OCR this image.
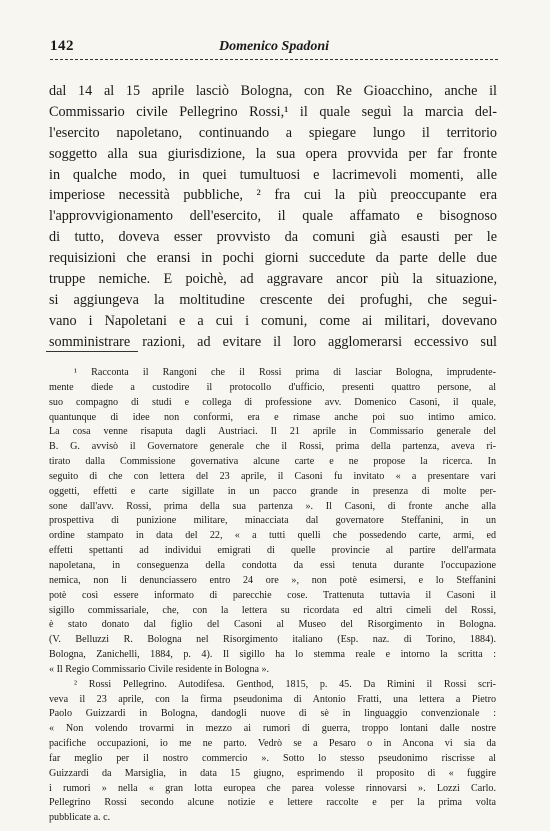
142	Domenico Spadoni
dal 14 al 15 aprile lasciò Bologna, con Re Gioacchino, anche il
Commissario civile Pellegrino Rossi,¹ il quale seguì la marcia del-
l'esercito napoletano, continuando a spiegare lungo il territorio
soggetto alla sua giurisdizione, la sua opera provvida per far fronte
in qualche modo, in quei tumultuosi e lacrimevoli momenti, alle
imperiose necessità pubbliche, ² fra cui la più preoccupante era
l'approvvigionamento dell'esercito, il quale affamato e bisognoso
di tutto, doveva esser provvisto da comuni già esausti per le
requisizioni che eransi in pochi giorni succedute da parte delle due
truppe nemiche. E poichè, ad aggravare ancor più la situazione,
si aggiungeva la moltitudine crescente dei profughi, che segui-
vano i Napoletani e a cui i comuni, come ai militari, dovevano
somministrare razioni, ad evitare il loro agglomerarsi eccessivo sul
¹ Racconta il Rangoni che il Rossi prima di lasciar Bologna, imprudente-
mente diede a custodire il protocollo d'ufficio, presenti quattro persone, al
suo compagno di studi e collega di professione avv. Domenico Casoni, il quale,
quantunque di idee non conformi, era e rimase anche poi suo intimo amico.
La cosa venne risaputa dagli Austriaci. Il 21 aprile in Commissario generale del
B. G. avvisò il Governatore generale che il Rossi, prima della partenza, aveva ri-
tirato dalla Commissione governativa alcune carte e ne propose la ricerca. In
seguito di che con lettera del 23 aprile, il Casoni fu invitato « a presentare vari
oggetti, effetti e carte sigillate in un pacco grande in presenza di molte per-
sone dall'avv. Rossi, prima della sua partenza ». Il Casoni, di fronte anche alla
prospettiva di punizione militare, minacciata dal governatore Steffanini, in un
ordine stampato in data del 22, « a tutti quelli che possedendo carte, armi, ed
effetti spettanti ad individui emigrati di quelle provincie al partire dell'armata
napoletana, in conseguenza della condotta da essi tenuta durante l'occupazione
nemica, non li denunciassero entro 24 ore », non potè esimersi, e lo Steffanini
potè così essere informato di parecchie cose. Trattenuta tuttavia il Casoni il
sigillo commissariale, che, con la lettera su ricordata ed altri cimeli del Rossi,
è stato donato dal figlio del Casoni al Museo del Risorgimento in Bologna.
(V. Belluzzi R. Bologna nel Risorgimento italiano (Esp. naz. di Torino, 1884).
Bologna, Zanichelli, 1884, p. 4). Il sigillo ha lo stemma reale e intorno la scritta :
« Il Regio Commissario Civile residente in Bologna ».
² Rossi Pellegrino. Autodifesa. Genthod, 1815, p. 45. Da Rimini il Rossi scri-
veva il 23 aprile, con la firma pseudonima di Antonio Fratti, una lettera a Pietro
Paolo Guizzardi in Bologna, dandogli nuove di sè in linguaggio convenzionale :
« Non volendo trovarmi in mezzo ai rumori di guerra, troppo lontani dalle nostre
pacifiche occupazioni, io me ne parto. Vedrò se a Pesaro o in Ancona vi sia da
far meglio per il nostro commercio ». Sotto lo stesso pseudonimo riscrisse al
Guizzardi da Marsiglia, in data 15 giugno, esprimendo il proposito di « fuggire
i rumori » nella « gran lotta europea che parea volesse rinnovarsi ». Lozzi Carlo.
Pellegrino Rossi secondo alcune notizie e lettere raccolte e per la prima volta
pubblicate a. c.
